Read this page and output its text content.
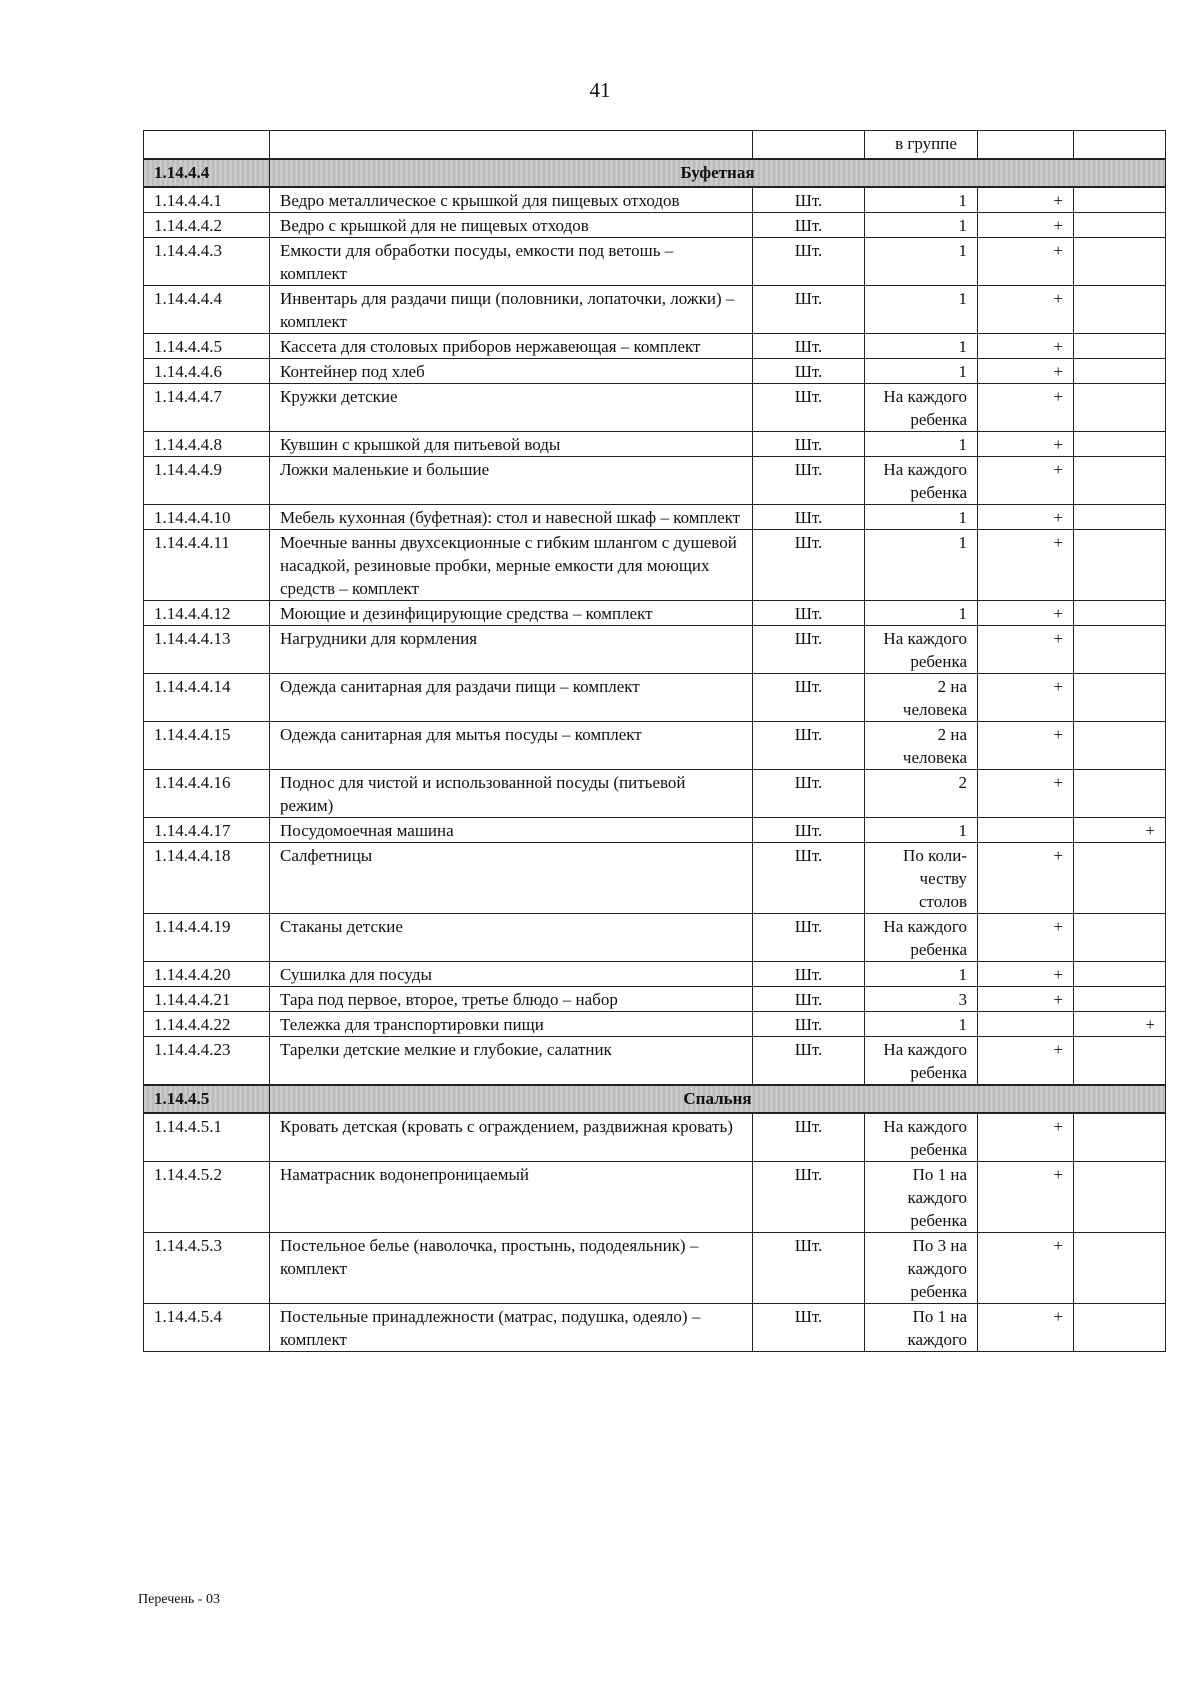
41
			в группе		
1.14.4.4	Буфетная				
1.14.4.4.1	Ведро металлическое с крышкой для пищевых отходов	Шт.	1	+	
1.14.4.4.2	Ведро с крышкой для не пищевых отходов	Шт.	1	+	
1.14.4.4.3	Емкости для обработки посуды, емкости под ветошь – комплект	Шт.	1	+	
1.14.4.4.4	Инвентарь для раздачи пищи (половники, лопаточки, ложки) – комплект	Шт.	1	+	
1.14.4.4.5	Кассета для столовых приборов нержавеющая – комплект	Шт.	1	+	
1.14.4.4.6	Контейнер под хлеб	Шт.	1	+	
1.14.4.4.7	Кружки детские	Шт.	На каждого ребенка	+	
1.14.4.4.8	Кувшин с крышкой для питьевой воды	Шт.	1	+	
1.14.4.4.9	Ложки маленькие и большие	Шт.	На каждого ребенка	+	
1.14.4.4.10	Мебель кухонная (буфетная): стол и навесной шкаф – комплект	Шт.	1	+	
1.14.4.4.11	Моечные ванны двухсекционные с гибким шлангом с душевой насадкой, резиновые пробки, мерные емкости для моющих средств – комплект	Шт.	1	+	
1.14.4.4.12	Моющие и дезинфицирующие средства – комплект	Шт.	1	+	
1.14.4.4.13	Нагрудники для кормления	Шт.	На каждого ребенка	+	
1.14.4.4.14	Одежда санитарная для раздачи пищи – комплект	Шт.	2 на человека	+	
1.14.4.4.15	Одежда санитарная для мытья посуды – комплект	Шт.	2 на человека	+	
1.14.4.4.16	Поднос для чистой и использованной посуды (питьевой режим)	Шт.	2	+	
1.14.4.4.17	Посудомоечная машина	Шт.	1		+
1.14.4.4.18	Салфетницы	Шт.	По коли-честву столов	+	
1.14.4.4.19	Стаканы детские	Шт.	На каждого ребенка	+	
1.14.4.4.20	Сушилка для посуды	Шт.	1	+	
1.14.4.4.21	Тара под первое, второе, третье блюдо – набор	Шт.	3	+	
1.14.4.4.22	Тележка для транспортировки пищи	Шт.	1		+
1.14.4.4.23	Тарелки детские мелкие и глубокие, салатник	Шт.	На каждого ребенка	+	
1.14.4.5	Спальня				
1.14.4.5.1	Кровать детская (кровать с ограждением, раздвижная кровать)	Шт.	На каждого ребенка	+	
1.14.4.5.2	Наматрасник водонепроницаемый	Шт.	По 1 на каждого ребенка	+	
1.14.4.5.3	Постельное белье (наволочка, простынь, пододеяльник) – комплект	Шт.	По 3 на каждого ребенка	+	
1.14.4.5.4	Постельные принадлежности (матрас, подушка, одеяло) – комплект	Шт.	По 1 на каждого	+	
Перечень - 03
